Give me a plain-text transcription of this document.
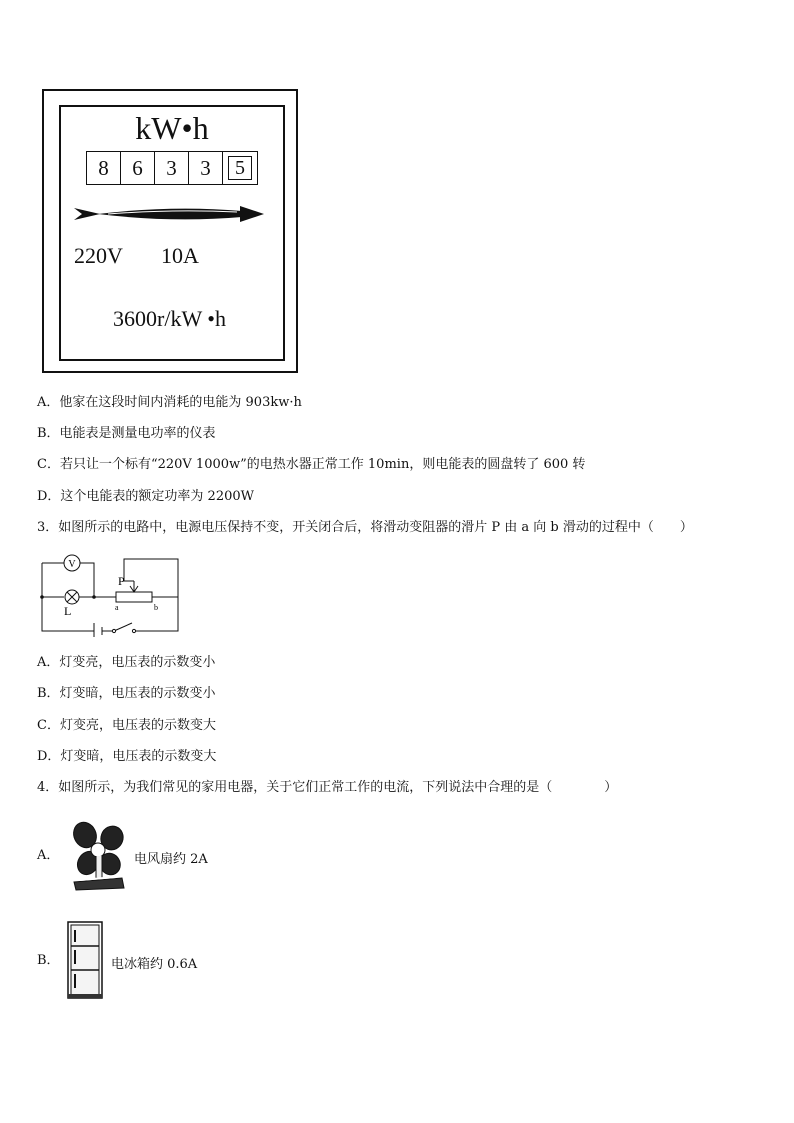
kW•h
8	6	3	3	5
220V 10A
3600r/kW •h
A．他家在这段时间内消耗的电能为 903kw·h
B．电能表是测量电功率的仪表
C．若只让一个标有“220V 1000w”的电热水器正常工作 10min，则电能表的圆盘转了 600 转
D．这个电能表的额定功率为 2200W
3．如图所示的电路中，电源电压保持不变，开关闭合后，将滑动变阻器的滑片 P 由 a 向 b 滑动的过程中（　　）
V
L
P
a	b
A．灯变亮，电压表的示数变小
B．灯变暗，电压表的示数变小
C．灯变亮，电压表的示数变大
D．灯变暗，电压表的示数变大
4．如图所示，为我们常见的家用电器，关于它们正常工作的电流，下列说法中合理的是（　　　　）
A．	电风扇约 2A
B．	电冰箱约 0.6A
